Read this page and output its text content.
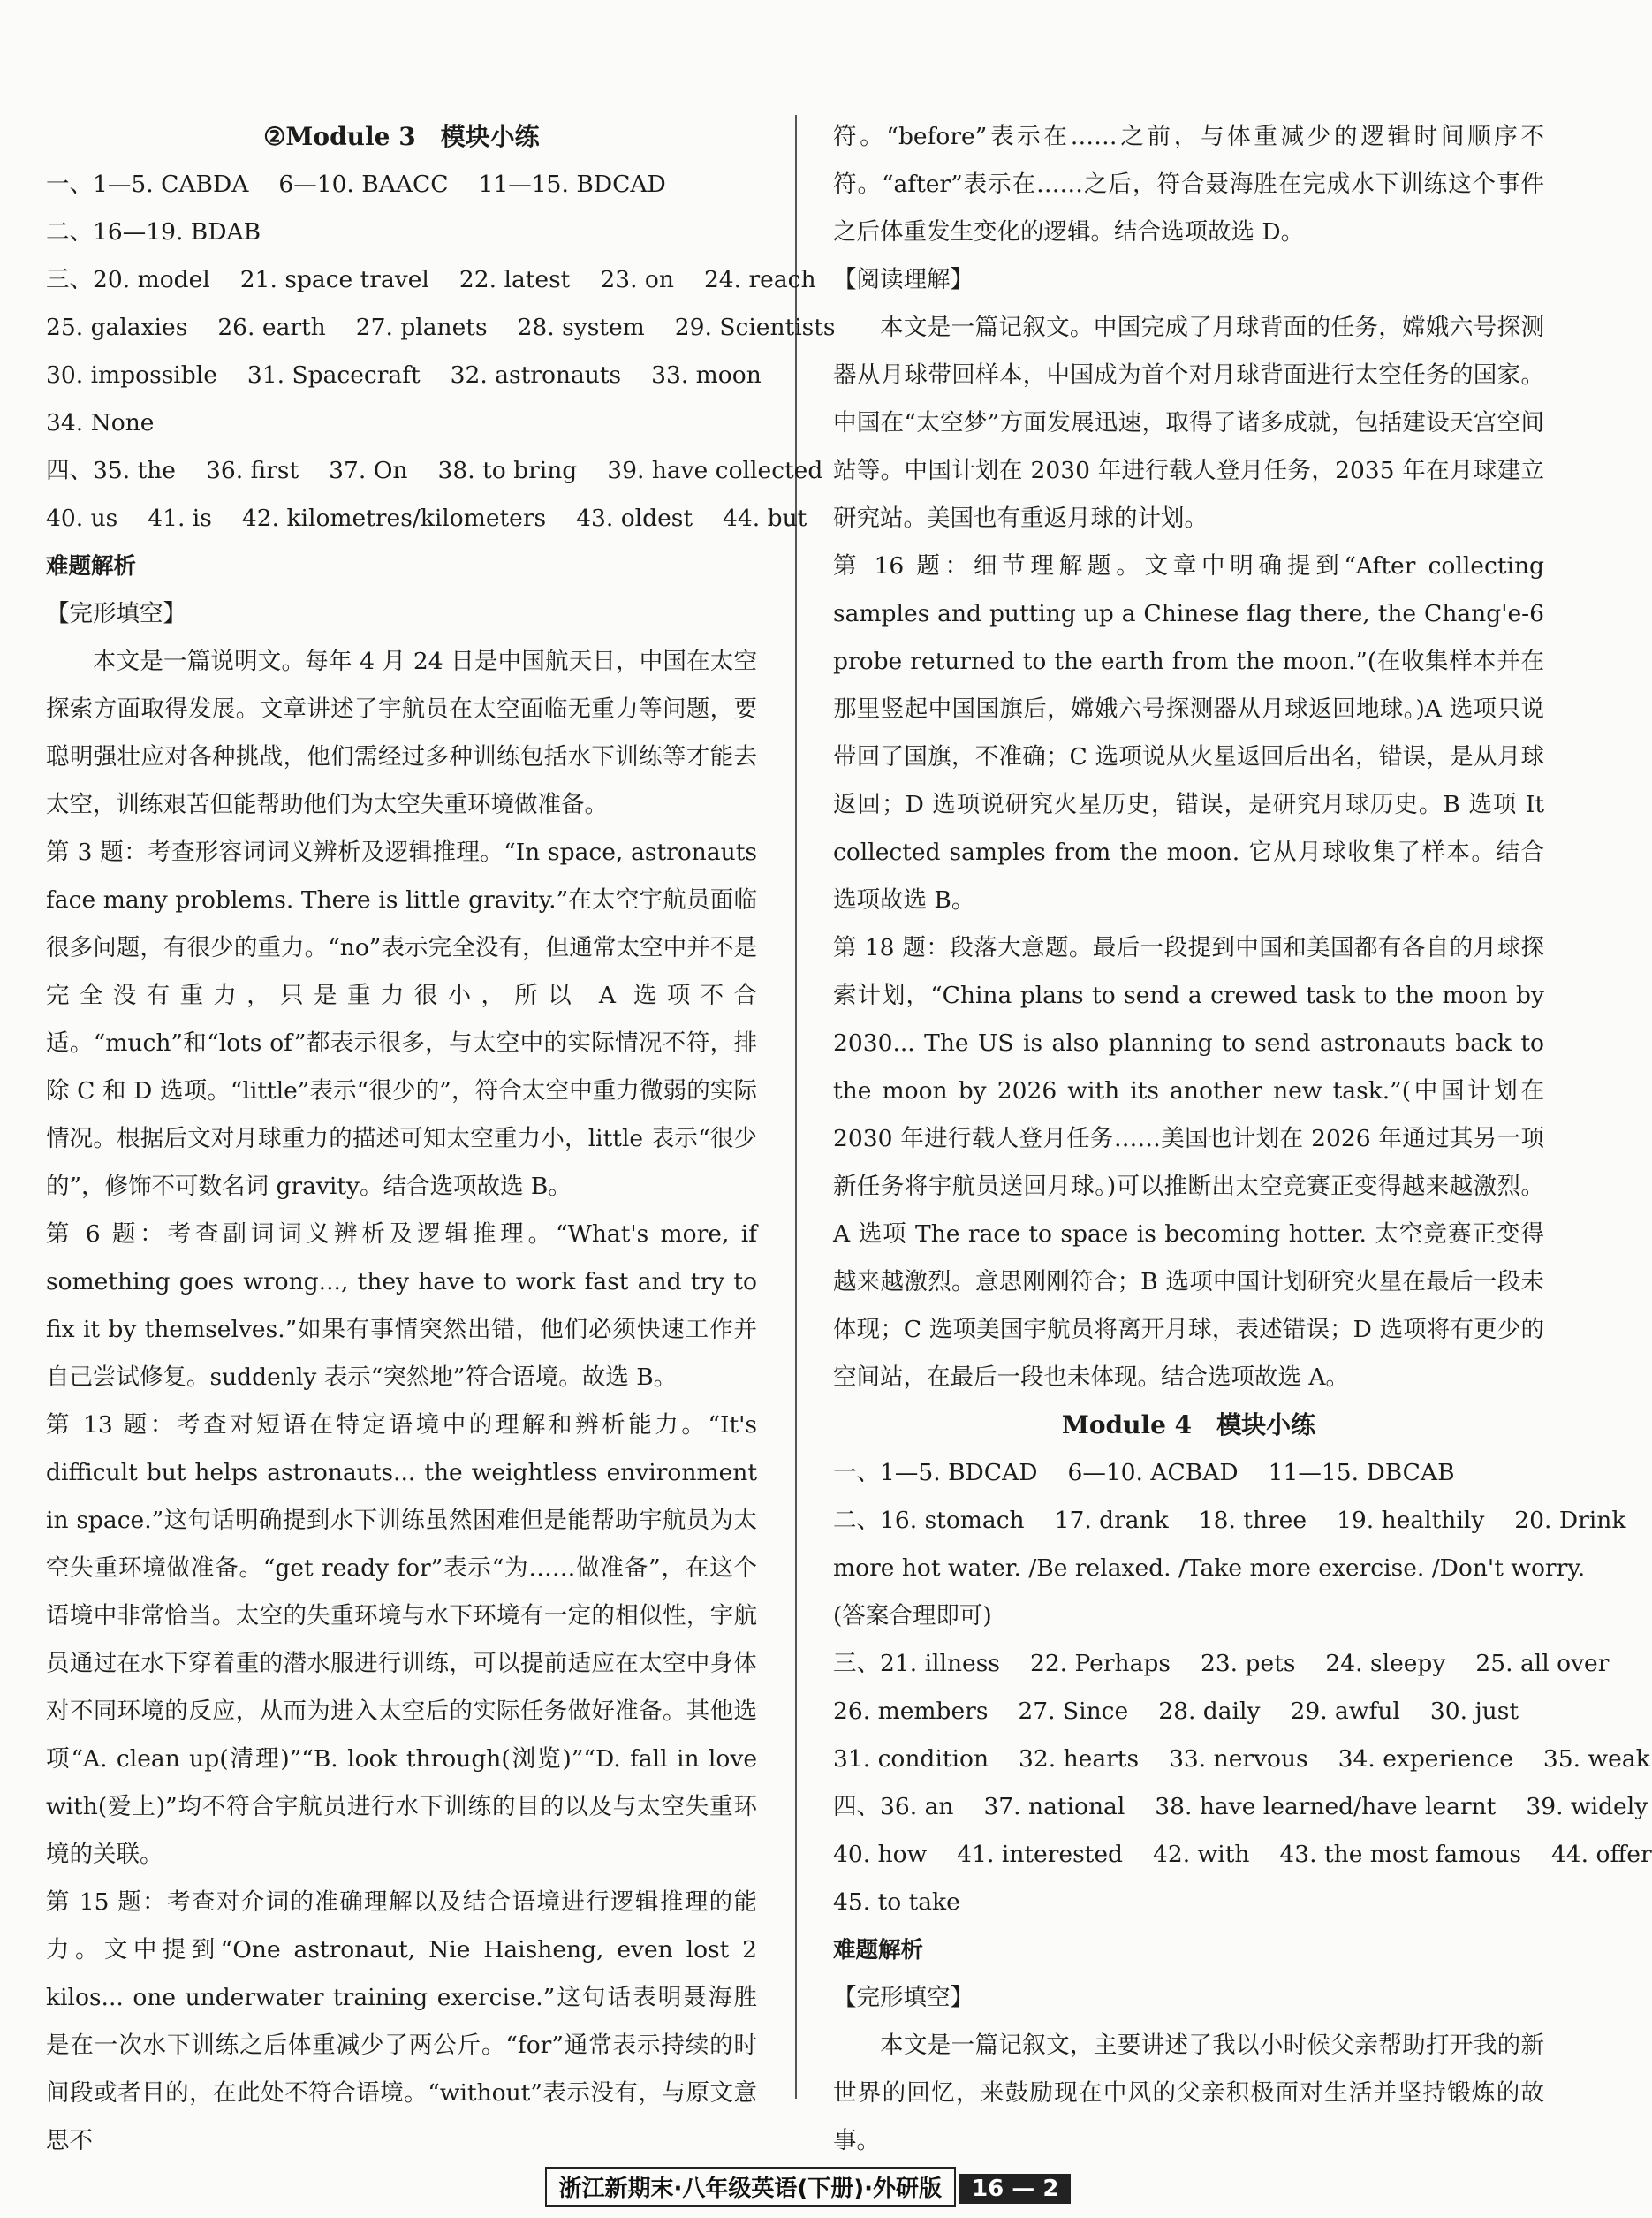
②Module 3　模块小练
一、1—5. CABDA 6—10. BAACC 11—15. BDCAD
二、16—19. BDAB
三、20. model 21. space travel 22. latest 23. on 24. reach
25. galaxies 26. earth 27. planets 28. system 29. Scientists
30. impossible 31. Spacecraft 32. astronauts 33. moon
34. None
四、35. the 36. first 37. On 38. to bring 39. have collected
40. us 41. is 42. kilometres/kilometers 43. oldest 44. but
难题解析
【完形填空】
本文是一篇说明文。每年 4 月 24 日是中国航天日，中国在太空探索方面取得发展。文章讲述了宇航员在太空面临无重力等问题，要聪明强壮应对各种挑战，他们需经过多种训练包括水下训练等才能去太空，训练艰苦但能帮助他们为太空失重环境做准备。
第 3 题：考查形容词词义辨析及逻辑推理。“In space, astronauts face many problems. There is little gravity.”在太空宇航员面临很多问题，有很少的重力。“no”表示完全没有，但通常太空中并不是完全没有重力，只是重力很小，所以 A 选项不合适。“much”和“lots of”都表示很多，与太空中的实际情况不符，排除 C 和 D 选项。“little”表示“很少的”，符合太空中重力微弱的实际情况。根据后文对月球重力的描述可知太空重力小，little 表示“很少的”，修饰不可数名词 gravity。结合选项故选 B。
第 6 题：考查副词词义辨析及逻辑推理。“What's more, if something goes wrong..., they have to work fast and try to fix it by themselves.”如果有事情突然出错，他们必须快速工作并自己尝试修复。suddenly 表示“突然地”符合语境。故选 B。
第 13 题：考查对短语在特定语境中的理解和辨析能力。“It's difficult but helps astronauts... the weightless environment in space.”这句话明确提到水下训练虽然困难但是能帮助宇航员为太空失重环境做准备。“get ready for”表示“为……做准备”，在这个语境中非常恰当。太空的失重环境与水下环境有一定的相似性，宇航员通过在水下穿着重的潜水服进行训练，可以提前适应在太空中身体对不同环境的反应，从而为进入太空后的实际任务做好准备。其他选项“A. clean up(清理)”“B. look through(浏览)”“D. fall in love with(爱上)”均不符合宇航员进行水下训练的目的以及与太空失重环境的关联。
第 15 题：考查对介词的准确理解以及结合语境进行逻辑推理的能力。文中提到“One astronaut, Nie Haisheng, even lost 2 kilos... one underwater training exercise.”这句话表明聂海胜是在一次水下训练之后体重减少了两公斤。“for”通常表示持续的时间段或者目的，在此处不符合语境。“without”表示没有，与原文意思不
符。“before”表示在……之前，与体重减少的逻辑时间顺序不符。“after”表示在……之后，符合聂海胜在完成水下训练这个事件之后体重发生变化的逻辑。结合选项故选 D。
【阅读理解】
本文是一篇记叙文。中国完成了月球背面的任务，嫦娥六号探测器从月球带回样本，中国成为首个对月球背面进行太空任务的国家。中国在“太空梦”方面发展迅速，取得了诸多成就，包括建设天宫空间站等。中国计划在 2030 年进行载人登月任务，2035 年在月球建立研究站。美国也有重返月球的计划。
第 16 题：细节理解题。文章中明确提到“After collecting samples and putting up a Chinese flag there, the Chang'e-6 probe returned to the earth from the moon.”(在收集样本并在那里竖起中国国旗后，嫦娥六号探测器从月球返回地球。)A 选项只说带回了国旗，不准确；C 选项说从火星返回后出名，错误，是从月球返回；D 选项说研究火星历史，错误，是研究月球历史。B 选项 It collected samples from the moon. 它从月球收集了样本。结合选项故选 B。
第 18 题：段落大意题。最后一段提到中国和美国都有各自的月球探索计划，“China plans to send a crewed task to the moon by 2030... The US is also planning to send astronauts back to the moon by 2026 with its another new task.”(中国计划在 2030 年进行载人登月任务……美国也计划在 2026 年通过其另一项新任务将宇航员送回月球。)可以推断出太空竞赛正变得越来越激烈。A 选项 The race to space is becoming hotter. 太空竞赛正变得越来越激烈。意思刚刚符合；B 选项中国计划研究火星在最后一段未体现；C 选项美国宇航员将离开月球，表述错误；D 选项将有更少的空间站，在最后一段也未体现。结合选项故选 A。
Module 4　模块小练
一、1—5. BDCAD 6—10. ACBAD 11—15. DBCAB
二、16. stomach 17. drank 18. three 19. healthily 20. Drink
more hot water. /Be relaxed. /Take more exercise. /Don't worry.
(答案合理即可)
三、21. illness 22. Perhaps 23. pets 24. sleepy 25. all over
26. members 27. Since 28. daily 29. awful 30. just
31. condition 32. hearts 33. nervous 34. experience 35. weak
四、36. an 37. national 38. have learned/have learnt 39. widely
40. how 41. interested 42. with 43. the most famous 44. offer
45. to take
难题解析
【完形填空】
本文是一篇记叙文，主要讲述了我以小时候父亲帮助打开我的新世界的回忆，来鼓励现在中风的父亲积极面对生活并坚持锻炼的故事。
浙江新期末·八年级英语(下册)·外研版 16 — 2
